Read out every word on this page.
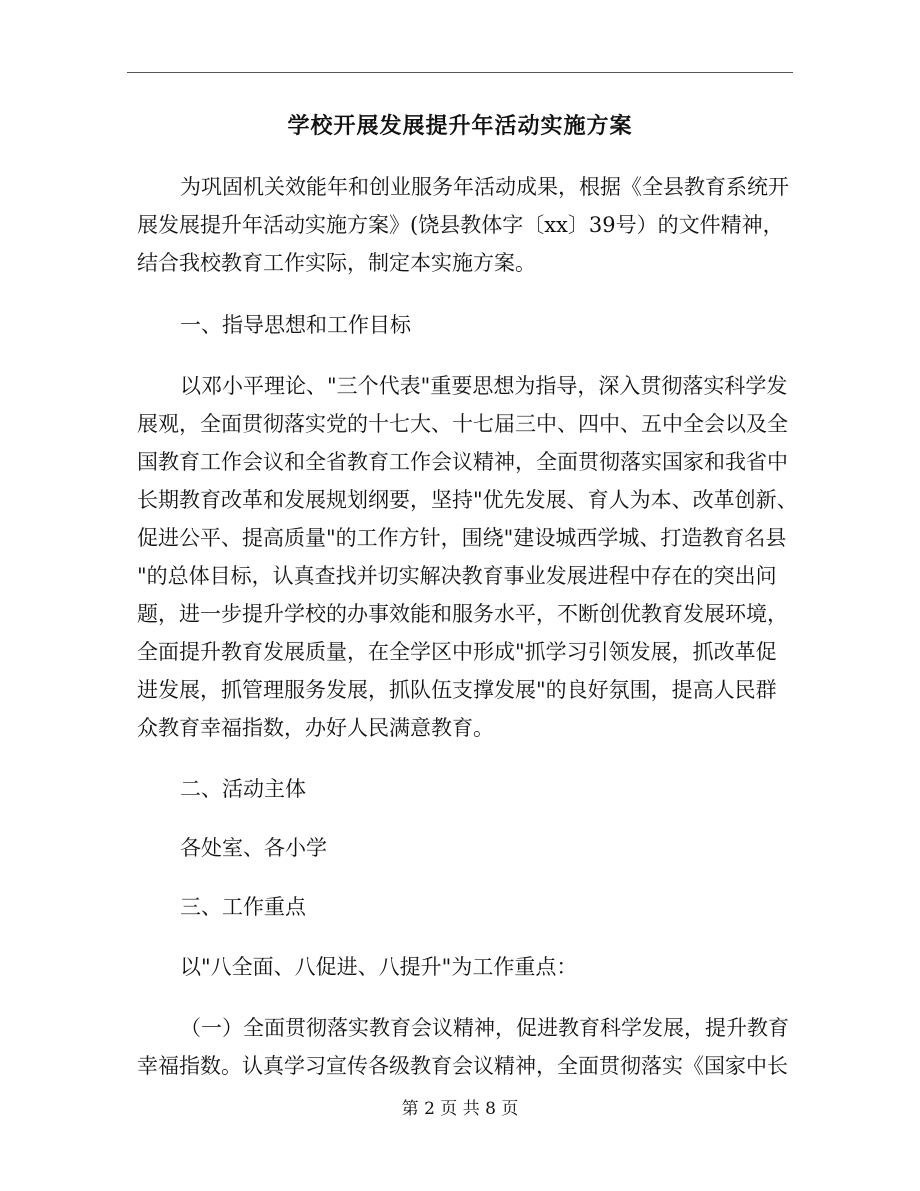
学校开展发展提升年活动实施方案
为巩固机关效能年和创业服务年活动成果，根据《全县教育系统开
展发展提升年活动实施方案》(饶县教体字〔xx〕39号）的文件精神，
结合我校教育工作实际，制定本实施方案。
一、指导思想和工作目标
以邓小平理论、"三个代表"重要思想为指导，深入贯彻落实科学发
展观，全面贯彻落实党的十七大、十七届三中、四中、五中全会以及全
国教育工作会议和全省教育工作会议精神，全面贯彻落实国家和我省中
长期教育改革和发展规划纲要，坚持"优先发展、育人为本、改革创新、
促进公平、提高质量"的工作方针，围绕"建设城西学城、打造教育名县
"的总体目标，认真查找并切实解决教育事业发展进程中存在的突出问
题，进一步提升学校的办事效能和服务水平，不断创优教育发展环境，
全面提升教育发展质量，在全学区中形成"抓学习引领发展，抓改革促
进发展，抓管理服务发展，抓队伍支撑发展"的良好氛围，提高人民群
众教育幸福指数，办好人民满意教育。
二、活动主体
各处室、各小学
三、工作重点
以"八全面、八促进、八提升"为工作重点：
（一）全面贯彻落实教育会议精神，促进教育科学发展，提升教育
幸福指数。认真学习宣传各级教育会议精神，全面贯彻落实《国家中长
第 2 页 共 8 页
